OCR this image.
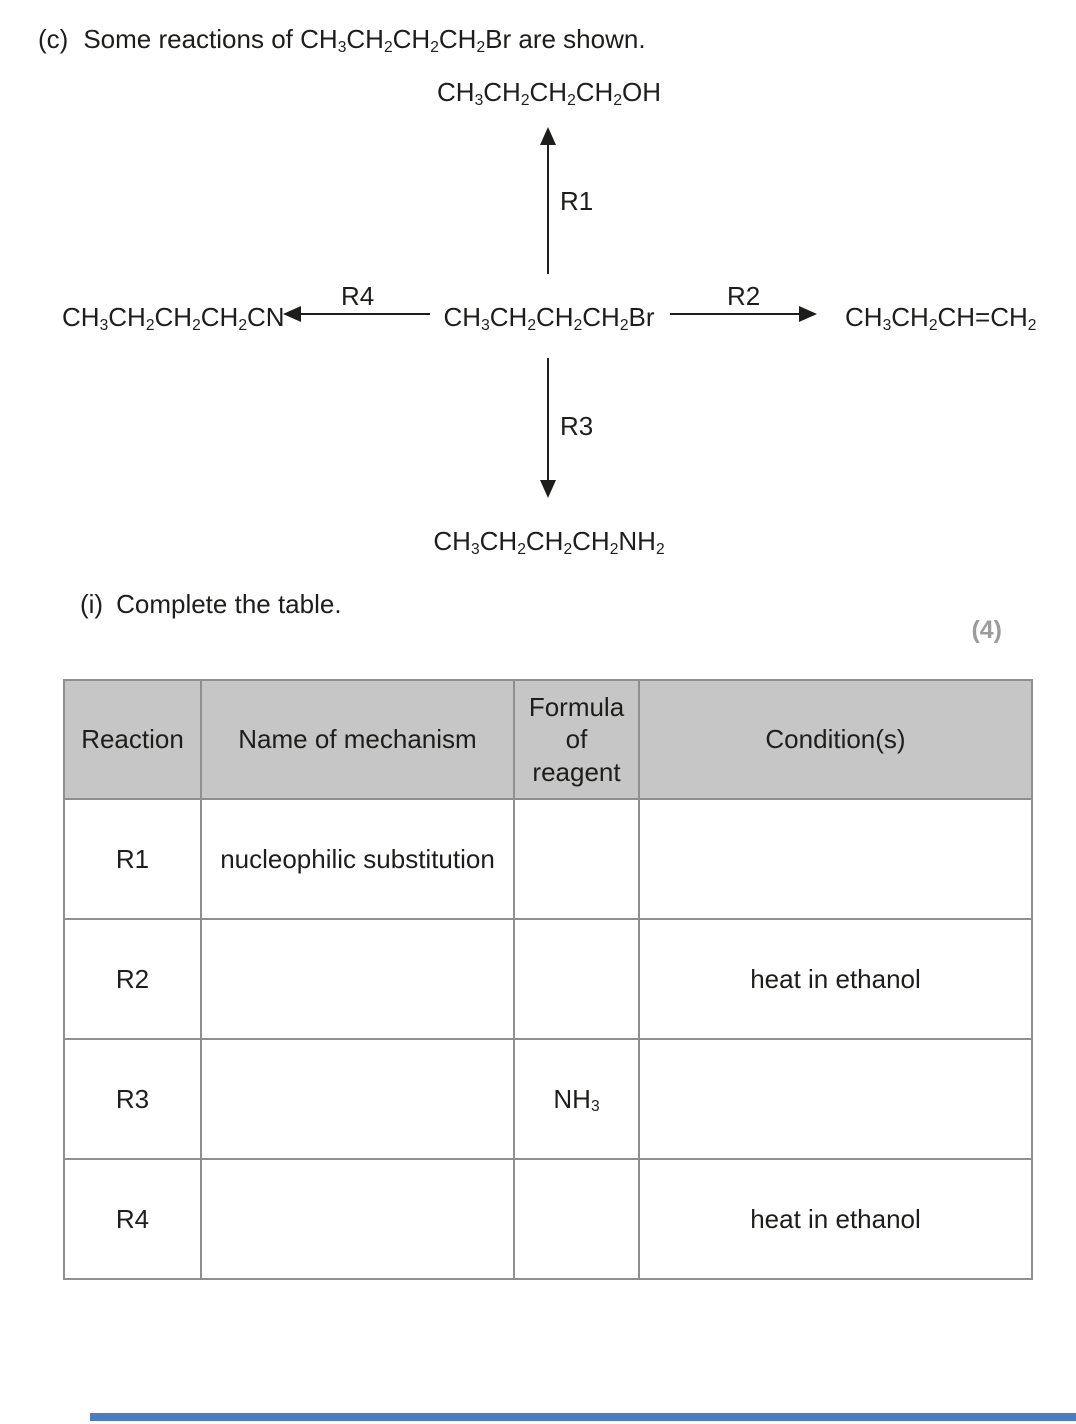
(c) Some reactions of $CH_3CH_2CH_2CH_2Br$ are shown.
$CH_3CH_2CH_2CH_2OH$
R1
$CH_3CH_2CH_2CH_2CN$
R4
$CH_3CH_2CH_2CH_2Br$
R2
$CH_3CH_2CH=CH_2$
R3
$CH_3CH_2CH_2CH_2NH_2$
(i) Complete the table.
(4)
Reaction	Name of mechanism	Formula of reagent	Condition(s)
R1	nucleophilic substitution		
R2			heat in ethanol
R3		$NH_3$	
R4			heat in ethanol
